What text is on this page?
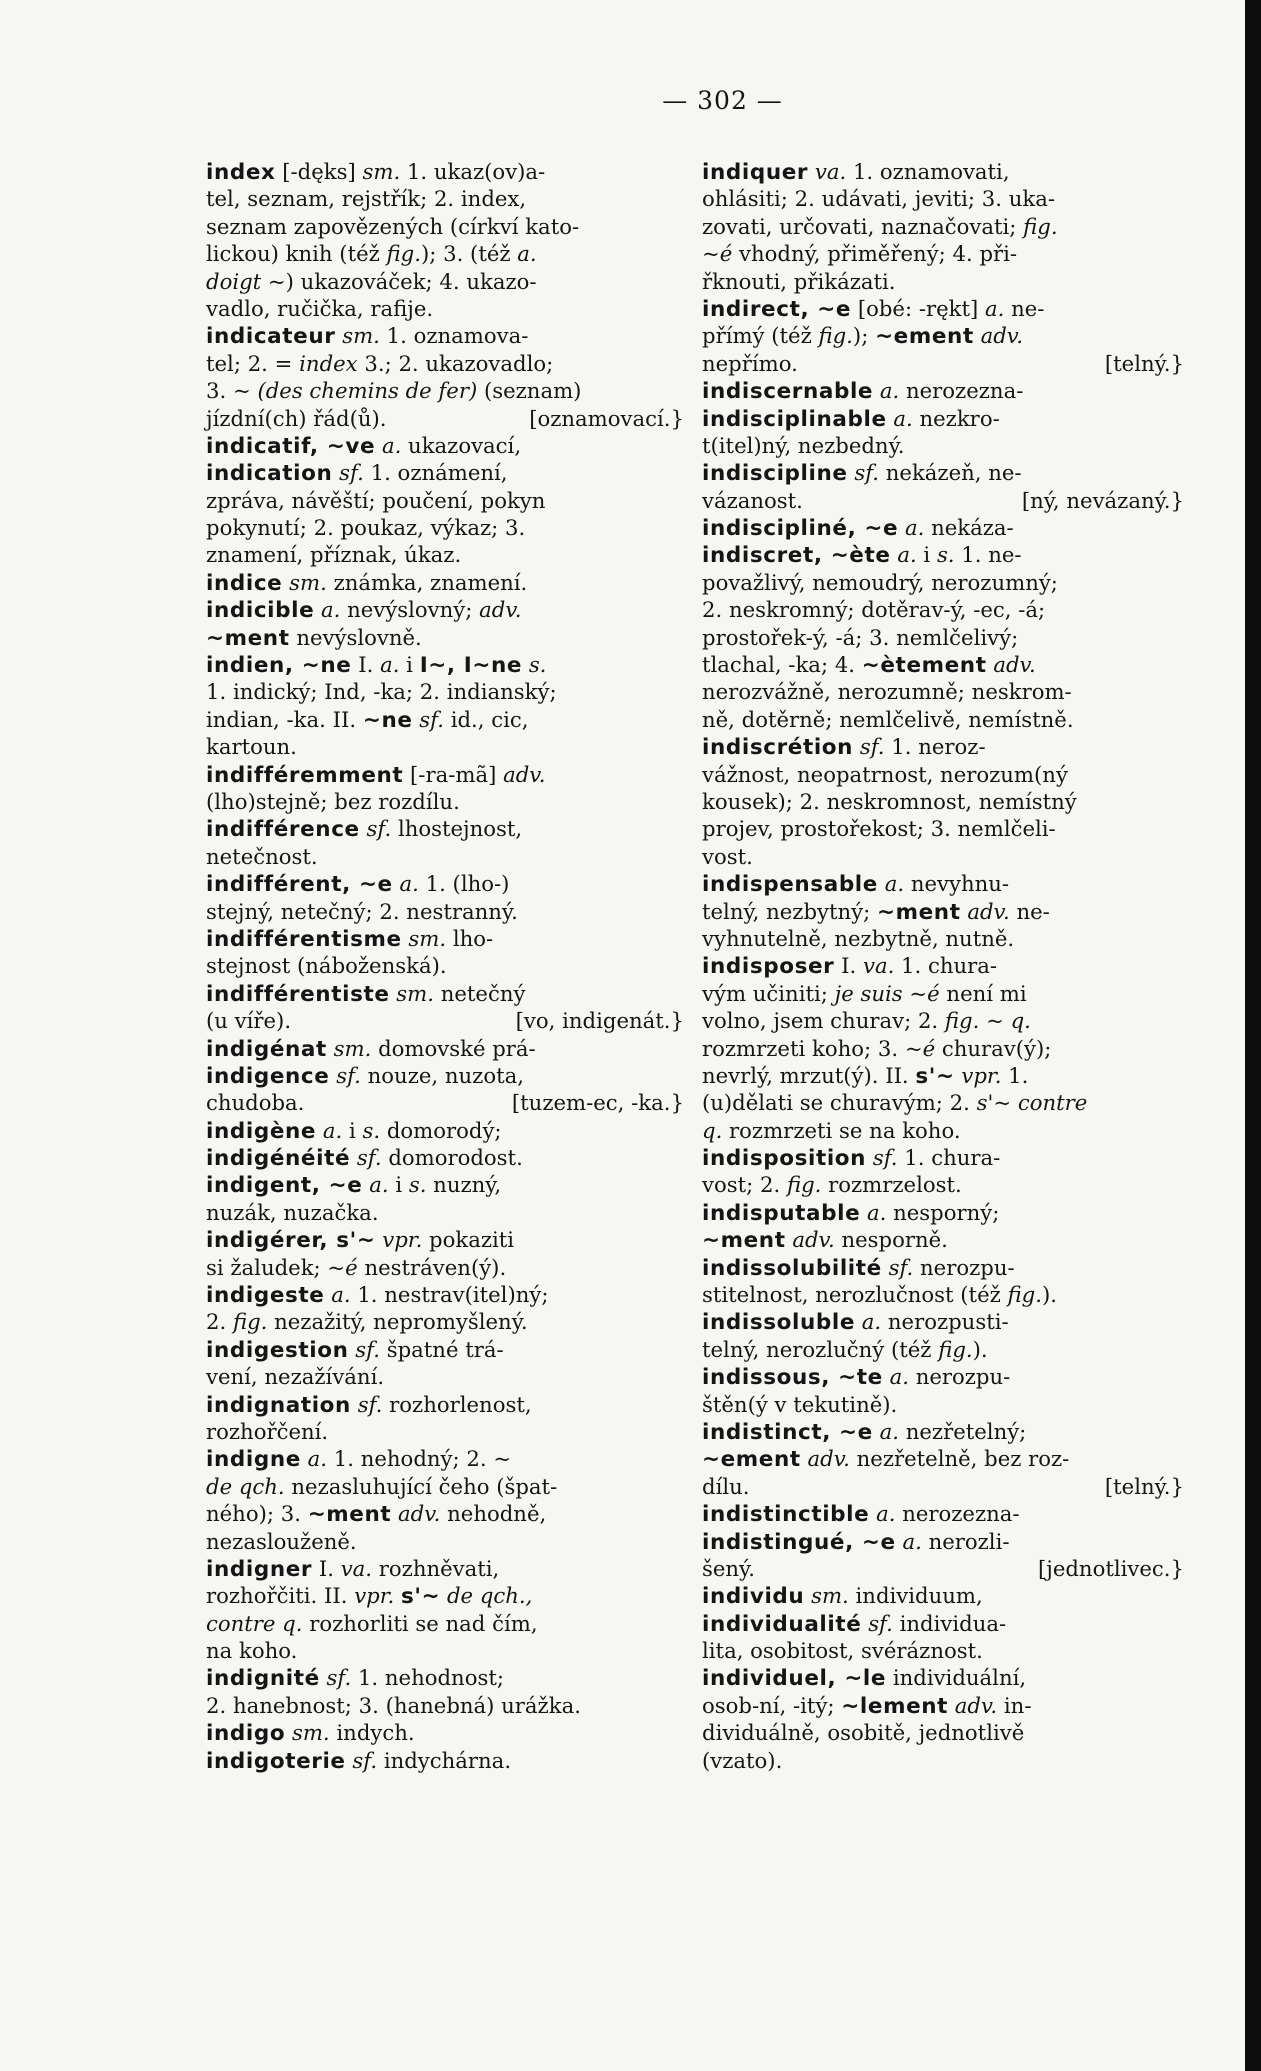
— 302 —
index [-dęks] sm. 1. ukaz(ov)a-
tel, seznam, rejstřík; 2. index,
seznam zapovězených (církví kato-
lickou) knih (též fig.); 3. (též a.
doigt ~) ukazováček; 4. ukazo-
vadlo, ručička, rafije.
indicateur sm. 1. oznamova-
tel; 2. = index 3.; 2. ukazovadlo;
3. ~ (des chemins de fer) (seznam)
jízdní(ch) řád(ů).	[oznamovací.}
indicatif, ~ve a. ukazovací,
indication sf. 1. oznámení,
zpráva, návěští; poučení, pokyn
pokynutí; 2. poukaz, výkaz; 3.
znamení, příznak, úkaz.
indice sm. známka, znamení.
indicible a. nevýslovný; adv.
~ment nevýslovně.
indien, ~ne I. a. i I~, I~ne s.
1. indický; Ind, -ka; 2. indianský;
indian, -ka. II. ~ne sf. id., cic,
kartoun.
indifféremment [-ra-mã] adv.
(lho)stejně; bez rozdílu.
indifférence sf. lhostejnost,
netečnost.
indifférent, ~e a. 1. (lho-)
stejný, netečný; 2. nestranný.
indifférentisme sm. lho-
stejnost (náboženská).
indifférentiste sm. netečný
(u víře).	[vo, indigenát.}
indigénat sm. domovské prá-
indigence sf. nouze, nuzota,
chudoba.	[tuzem-ec, -ka.}
indigène a. i s. domorodý;
indigénéité sf. domorodost.
indigent, ~e a. i s. nuzný,
nuzák, nuzačka.
indigérer, s'~ vpr. pokaziti
si žaludek; ~é nestráven(ý).
indigeste a. 1. nestrav(itel)ný;
2. fig. nezažitý, nepromyšlený.
indigestion sf. špatné trá-
vení, nezažívání.
indignation sf. rozhorlenost,
rozhořčení.
indigne a. 1. nehodný; 2. ~
de qch. nezasluhující čeho (špat-
ného); 3. ~ment adv. nehodně,
nezaslouženě.
indigner I. va. rozhněvati,
rozhořčiti. II. vpr. s'~ de qch.,
contre q. rozhorliti se nad čím,
na koho.
indignité sf. 1. nehodnost;
2. hanebnost; 3. (hanebná) urážka.
indigo sm. indych.
indigoterie sf. indychárna.
indiquer va. 1. oznamovati,
ohlásiti; 2. udávati, jeviti; 3. uka-
zovati, určovati, naznačovati; fig.
~é vhodný, přiměřený; 4. při-
řknouti, přikázati.
indirect, ~e [obé: -rękt] a. ne-
přímý (též fig.); ~ement adv.
nepřímo.	[telný.}
indiscernable a. nerozezna-
indisciplinable a. nezkro-
t(itel)ný, nezbedný.
indiscipline sf. nekázeň, ne-
vázanost.	[ný, nevázaný.}
indiscipliné, ~e a. nekáza-
indiscret, ~ète a. i s. 1. ne-
považlivý, nemoudrý, nerozumný;
2. neskromný; dotěrav-ý, -ec, -á;
prostořek-ý, -á; 3. nemlčelivý;
tlachal, -ka; 4. ~ètement adv.
nerozvážně, nerozumně; neskrom-
ně, dotěrně; nemlčelivě, nemístně.
indiscrétion sf. 1. neroz-
vážnost, neopatrnost, nerozum(ný
kousek); 2. neskromnost, nemístný
projev, prostořekost; 3. nemlčeli-
vost.
indispensable a. nevyhnu-
telný, nezbytný; ~ment adv. ne-
vyhnutelně, nezbytně, nutně.
indisposer I. va. 1. chura-
vým učiniti; je suis ~é není mi
volno, jsem churav; 2. fig. ~ q.
rozmrzeti koho; 3. ~é churav(ý);
nevrlý, mrzut(ý). II. s'~ vpr. 1.
(u)dělati se churavým; 2. s'~ contre
q. rozmrzeti se na koho.
indisposition sf. 1. chura-
vost; 2. fig. rozmrzelost.
indisputable a. nesporný;
~ment adv. nesporně.
indissolubilité sf. nerozpu-
stitelnost, nerozlučnost (též fig.).
indissoluble a. nerozpusti-
telný, nerozlučný (též fig.).
indissous, ~te a. nerozpu-
štěn(ý v tekutině).
indistinct, ~e a. nezřetelný;
~ement adv. nezřetelně, bez roz-
dílu.	[telný.}
indistinctible a. nerozezna-
indistingué, ~e a. nerozli-
šený.	[jednotlivec.}
individu sm. individuum,
individualité sf. individua-
lita, osobitost, svéráznost.
individuel, ~le individuální,
osob-ní, -itý; ~lement adv. in-
dividuálně, osobitě, jednotlivě
(vzato).
